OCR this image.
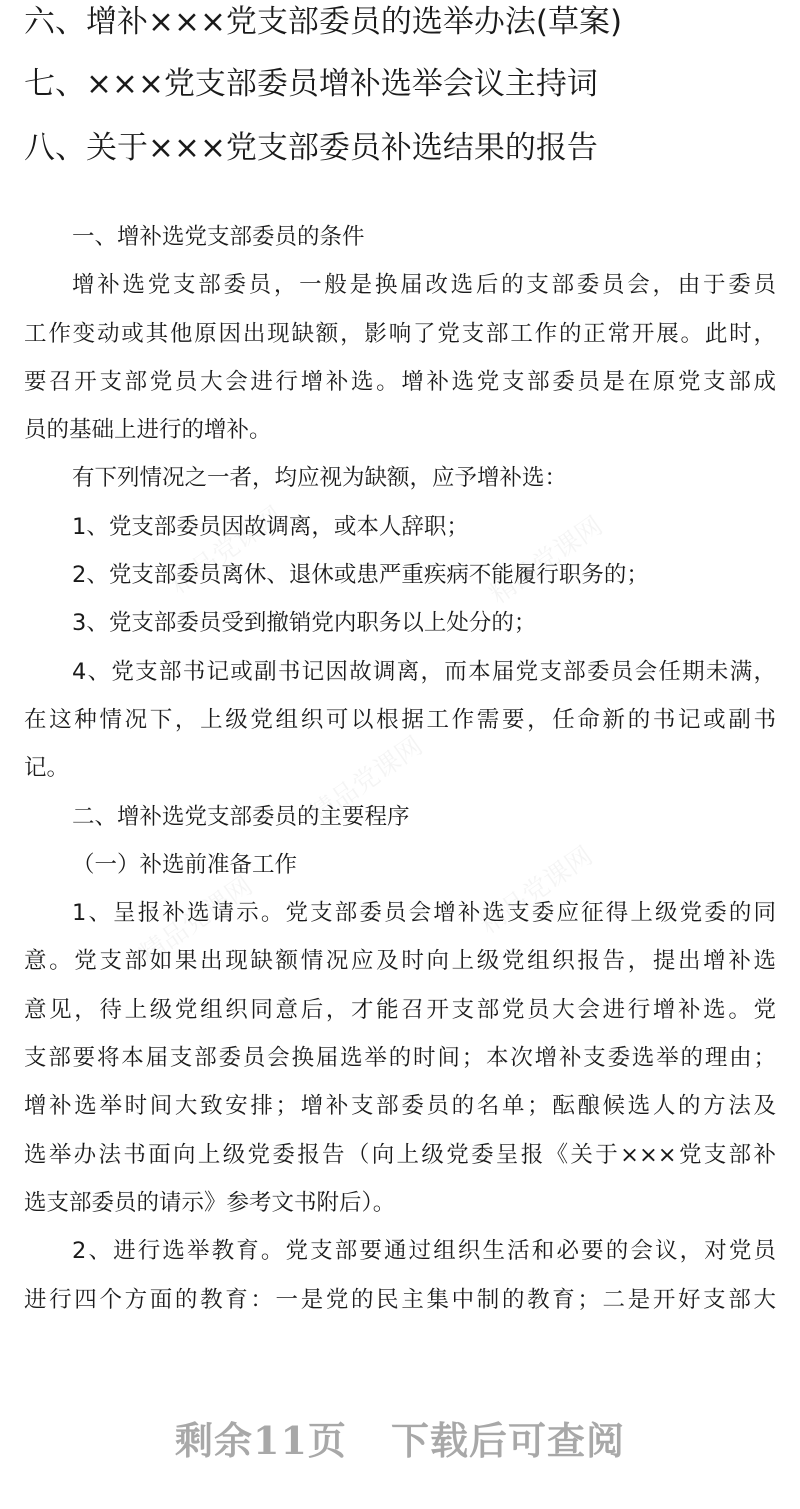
六、增补×××党支部委员的选举办法(草案)
七、×××党支部委员增补选举会议主持词
八、关于×××党支部委员补选结果的报告
一、增补选党支部委员的条件
增补选党支部委员，一般是换届改选后的支部委员会，由于委员
工作变动或其他原因出现缺额，影响了党支部工作的正常开展。此时，
要召开支部党员大会进行增补选。增补选党支部委员是在原党支部成
员的基础上进行的增补。
有下列情况之一者，均应视为缺额，应予增补选：
1、党支部委员因故调离，或本人辞职；
2、党支部委员离休、退休或患严重疾病不能履行职务的；
3、党支部委员受到撤销党内职务以上处分的；
4、党支部书记或副书记因故调离，而本届党支部委员会任期未满，
在这种情况下，上级党组织可以根据工作需要，任命新的书记或副书
记。
二、增补选党支部委员的主要程序
（一）补选前准备工作
1、呈报补选请示。党支部委员会增补选支委应征得上级党委的同
意。党支部如果出现缺额情况应及时向上级党组织报告，提出增补选
意见，待上级党组织同意后，才能召开支部党员大会进行增补选。党
支部要将本届支部委员会换届选举的时间；本次增补支委选举的理由；
增补选举时间大致安排；增补支部委员的名单；酝酿候选人的方法及
选举办法书面向上级党委报告（向上级党委呈报《关于×××党支部补
选支部委员的请示》参考文书附后）。
2、进行选举教育。党支部要通过组织生活和必要的会议，对党员
进行四个方面的教育：一是党的民主集中制的教育；二是开好支部大
剩余11页 下载后可查阅
